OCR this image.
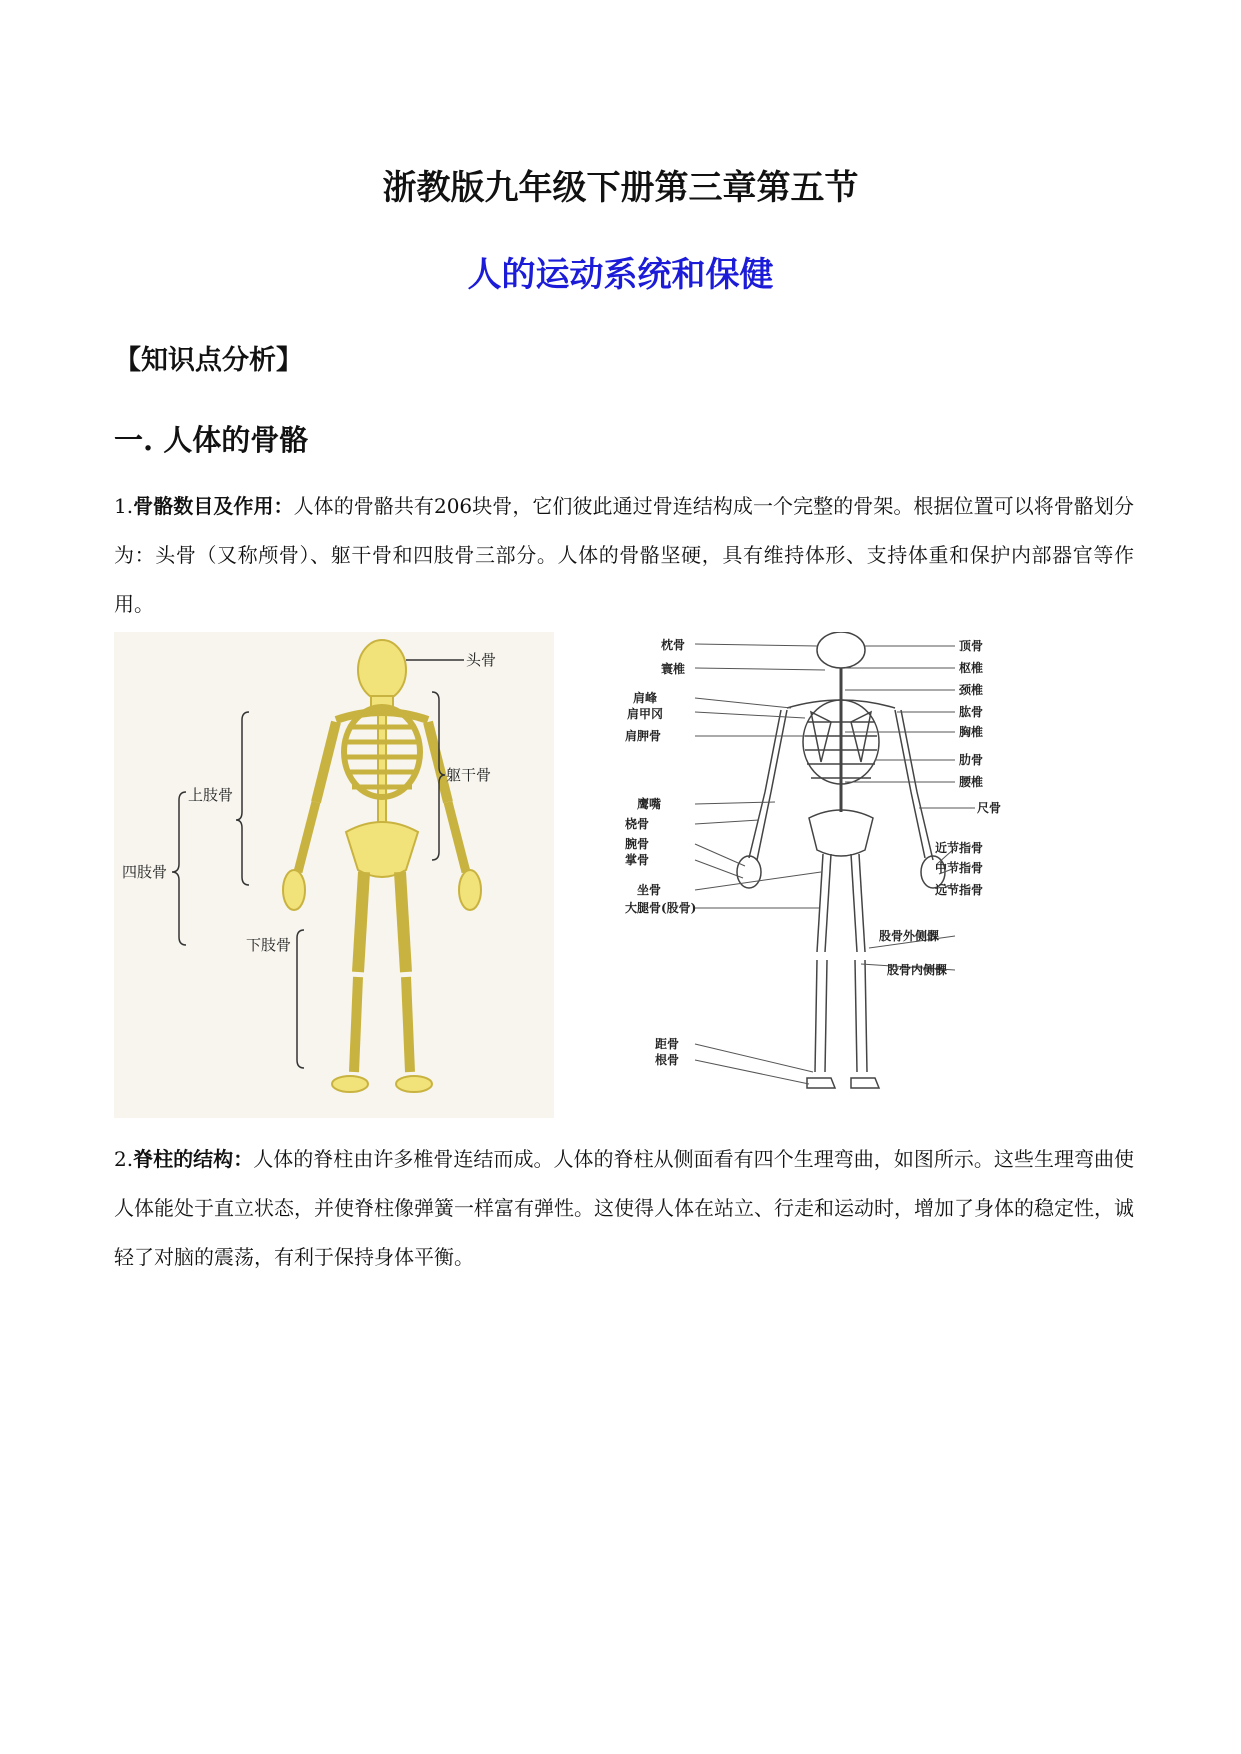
浙教版九年级下册第三章第五节
人的运动系统和保健
【知识点分析】
一. 人体的骨骼
1.骨骼数目及作用：人体的骨骼共有206块骨，它们彼此通过骨连结构成一个完整的骨架。根据位置可以将骨骼划分为：头骨（又称颅骨）、躯干骨和四肢骨三部分。人体的骨骼坚硬，具有维持体形、支持体重和保护内部器官等作用。
头骨
躯干骨
上肢骨
四肢骨
下肢骨
枕骨
寰椎
肩峰
肩甲冈
肩胛骨
鹰嘴
桡骨
腕骨
掌骨
坐骨
大腿骨(股骨)
距骨
根骨
顶骨
枢椎
颈椎
肱骨
胸椎
肋骨
腰椎
尺骨
近节指骨
中节指骨
远节指骨
股骨外侧髁
股骨内侧髁
2.脊柱的结构：人体的脊柱由许多椎骨连结而成。人体的脊柱从侧面看有四个生理弯曲，如图所示。这些生理弯曲使人体能处于直立状态，并使脊柱像弹簧一样富有弹性。这使得人体在站立、行走和运动时，增加了身体的稳定性，诚轻了对脑的震荡，有利于保持身体平衡。
